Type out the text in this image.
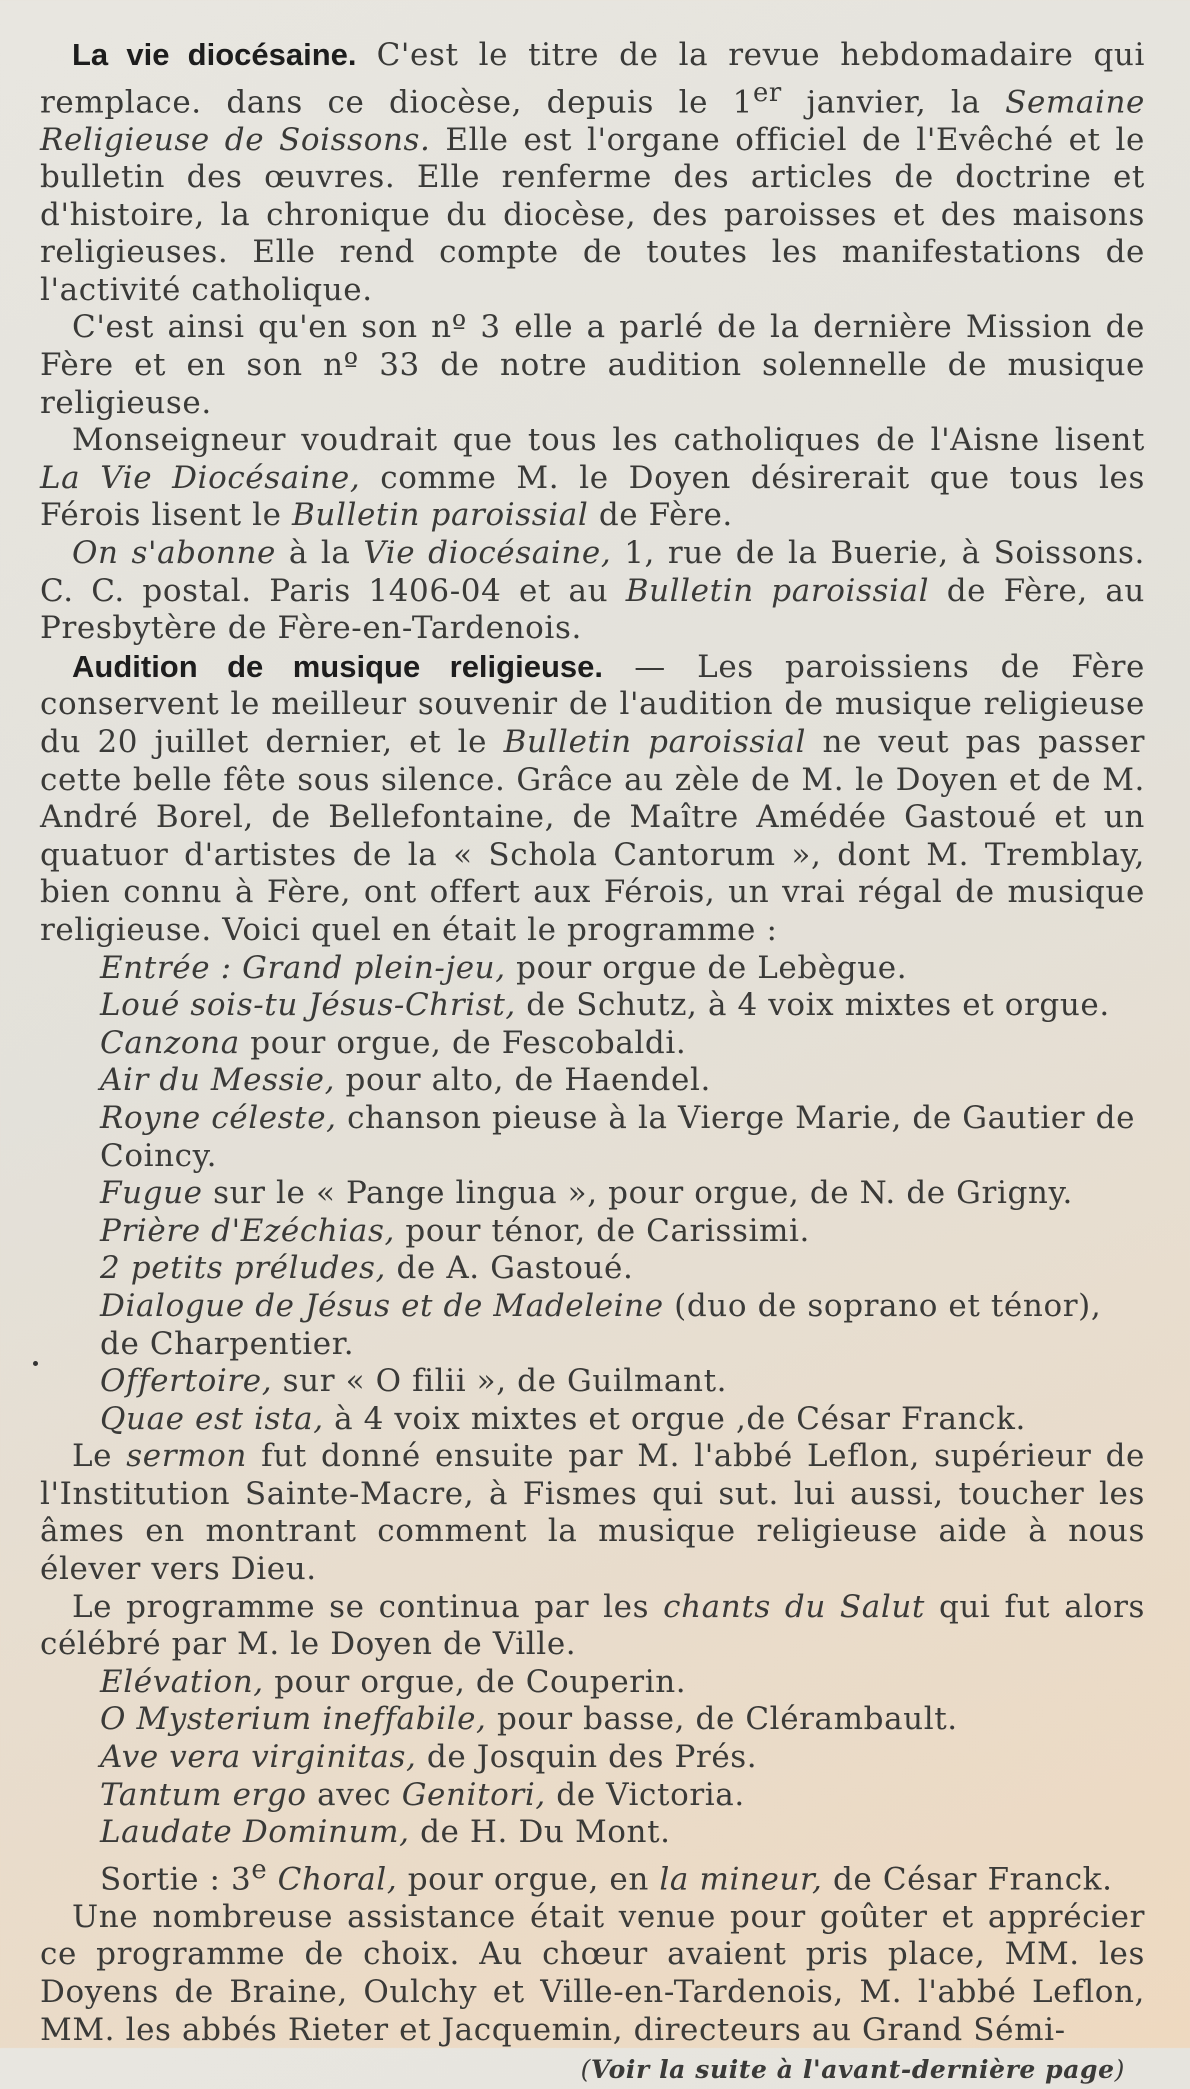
La vie diocésaine. C'est le titre de la revue hebdomadaire qui remplace. dans ce diocèse, depuis le 1er janvier, la Semaine Religieuse de Soissons. Elle est l'organe officiel de l'Evêché et le bulletin des œuvres. Elle renferme des articles de doctrine et d'histoire, la chronique du diocèse, des paroisses et des maisons religieuses. Elle rend compte de toutes les manifestations de l'activité catholique.

C'est ainsi qu'en son nº 3 elle a parlé de la dernière Mission de Fère et en son nº 33 de notre audition solennelle de musique religieuse.

Monseigneur voudrait que tous les catholiques de l'Aisne lisent La Vie Diocésaine, comme M. le Doyen désirerait que tous les Férois lisent le Bulletin paroissial de Fère.

On s'abonne à la Vie diocésaine, 1, rue de la Buerie, à Soissons. C. C. postal. Paris 1406-04 et au Bulletin paroissial de Fère, au Presbytère de Fère-en-Tardenois.

Audition de musique religieuse. — Les paroissiens de Fère conservent le meilleur souvenir de l'audition de musique religieuse du 20 juillet dernier, et le Bulletin paroissial ne veut pas passer cette belle fête sous silence. Grâce au zèle de M. le Doyen et de M. André Borel, de Bellefontaine, de Maître Amédée Gastoué et un quatuor d'artistes de la « Schola Cantorum », dont M. Tremblay, bien connu à Fère, ont offert aux Férois, un vrai régal de musique religieuse. Voici quel en était le programme :

Entrée : Grand plein-jeu, pour orgue de Lebègue.
Loué sois-tu Jésus-Christ, de Schutz, à 4 voix mixtes et orgue.
Canzona pour orgue, de Fescobaldi.
Air du Messie, pour alto, de Haendel.
Royne céleste, chanson pieuse à la Vierge Marie, de Gautier de Coincy.
Fugue sur le « Pange lingua », pour orgue, de N. de Grigny.
Prière d'Ezéchias, pour ténor, de Carissimi.
2 petits préludes, de A. Gastoué.
Dialogue de Jésus et de Madeleine (duo de soprano et ténor), de Charpentier.
Offertoire, sur « O filii », de Guilmant.
Quae est ista, à 4 voix mixtes et orgue ,de César Franck.

Le sermon fut donné ensuite par M. l'abbé Leflon, supérieur de l'Institution Sainte-Macre, à Fismes qui sut. lui aussi, toucher les âmes en montrant comment la musique religieuse aide à nous élever vers Dieu.

Le programme se continua par les chants du Salut qui fut alors célébré par M. le Doyen de Ville.

Elévation, pour orgue, de Couperin.
O Mysterium ineffabile, pour basse, de Clérambault.
Ave vera virginitas, de Josquin des Prés.
Tantum ergo avec Genitori, de Victoria.
Laudate Dominum, de H. Du Mont.
Sortie : 3e Choral, pour orgue, en la mineur, de César Franck.

Une nombreuse assistance était venue pour goûter et apprécier ce programme de choix. Au chœur avaient pris place, MM. les Doyens de Braine, Oulchy et Ville-en-Tardenois, M. l'abbé Leflon, MM. les abbés Rieter et Jacquemin, directeurs au Grand Sémi-

(Voir la suite à l'avant-dernière page)
